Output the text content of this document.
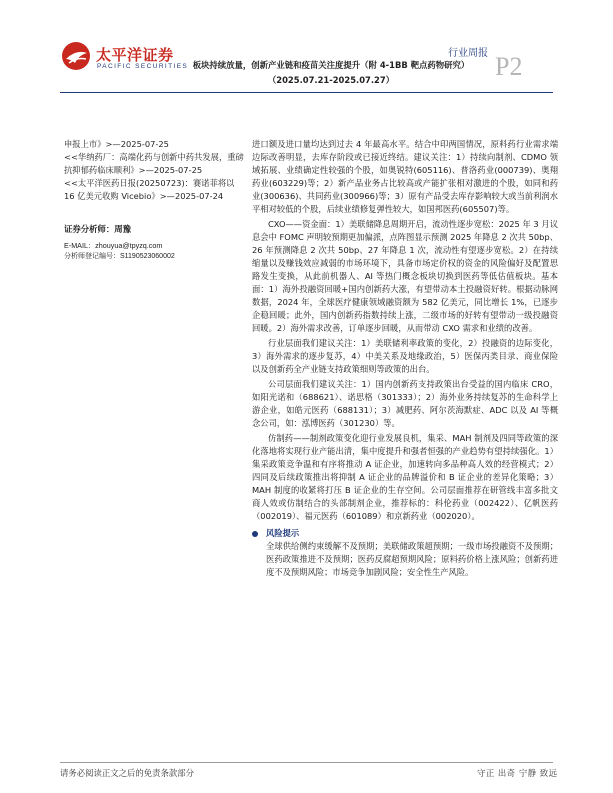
太平洋证券
PACIFIC SECURITIES
行业周报 P2
板块持续放量，创新产业链和疫苗关注度提升（附 4-1BB 靶点药物研究）（2025.07.21-2025.07.27）

申报上市》>—2025-07-25

<<华纳药厂：高端化药与创新中药共发展，重磅抗抑郁药临床顺利》>—2025-07-25

<<太平洋医药日报(20250723)：赛诺菲将以 16 亿美元收购 Vicebio》>—2025-07-24

证券分析师：周豫
E-MAIL：zhouyua@tpyzq.com
分析师登记编号：S1190523060002

进口额及进口量均达到过去 4 年最高水平。结合中印两国情况，原料药行业需求端边际改善明显，去库存阶段或已接近终结。建议关注：1）持续向制剂、CDMO 领域拓展、业绩确定性较强的个股，如奥锐特(605116)、普洛药业(000739)、奥翔药业(603229)等；2）新产品业务占比较高或产能扩张相对激进的个股，如同和药业(300636)、共同药业(300966)等；3）原有产品受去库存影响较大或当前利润水平相对较低的个股，后续业绩修复弹性较大，如国邦医药(605507)等。

CXO——资金面：1）美联储降息周期开启，流动性逐步宽松：2025 年 3 月议息会中 FOMC 声明较预期更加偏派，点阵图显示预测 2025 年降息 2 次共 50bp、26 年预测降息 2 次共 50bp、27 年降息 1 次，流动性有望逐步宽松。2）在持续缩量以及赚钱效应减弱的市场环境下，具备市场定价权的资金的风险偏好及配置思路发生变换，从此前机器人、AI 等热门概念板块切换到医药等低估值板块。基本面：1）海外投融资回暖+国内创新药大涨，有望带动本土投融资好转。根据动脉网数据，2024 年，全球医疗健康领域融资额为 582 亿美元，同比增长 1%，已逐步企稳回暖；此外，国内创新药指数持续上涨，二级市场的好转有望带动一级投融资回暖。2）海外需求改善，订单逐步回暖，从而带动 CXO 需求和业绩的改善。

行业层面我们建议关注：1）美联储利率政策的变化，2）投融资的边际变化，3）海外需求的逐步复苏，4）中美关系及地缘政治，5）医保丙类目录、商业保险以及创新药全产业链支持政策细则等政策的出台。

公司层面我们建议关注：1）国内创新药支持政策出台受益的国内临床 CRO，如阳光诺和（688621）、诺思格（301333）；2）海外业务持续复苏的生命科学上游企业，如皓元医药（688131）；3）减肥药、阿尔茨海默症、ADC 以及 AI 等概念公司，如：泓博医药（301230）等。

仿制药——制剂政策变化迎行业发展良机，集采、MAH 制剂及四同等政策的深化落地将实现行业产能出清，集中度提升和强者恒强的产业趋势有望持续强化。1）集采政策竞争温和有序将推动 A 证企业，加速转向多品种高人效的经营模式；2）四同及后续政策推出将抑制 A 证企业的品牌溢价和 B 证企业的差异化策略；3）MAH 制度的收紧将打压 B 证企业的生存空间。公司层面推荐在研管线丰富多批文商人效或仿制结合的头部制剂企业，推荐标的：科伦药业（002422）、亿帆医药（002019）、福元医药（601089）和京新药业（002020）。

风险提示

全球供给侧约束缓解不及预期；美联储政策超预期；一级市场投融资不及预期；医药政策推进不及预期；医药反腐超预期风险；原料药价格上涨风险；创新药进度不及预期风险；市场竞争加剧风险；安全性生产风险。

请务必阅读正文之后的免责条款部分	守正 出奇 宁静 致远
